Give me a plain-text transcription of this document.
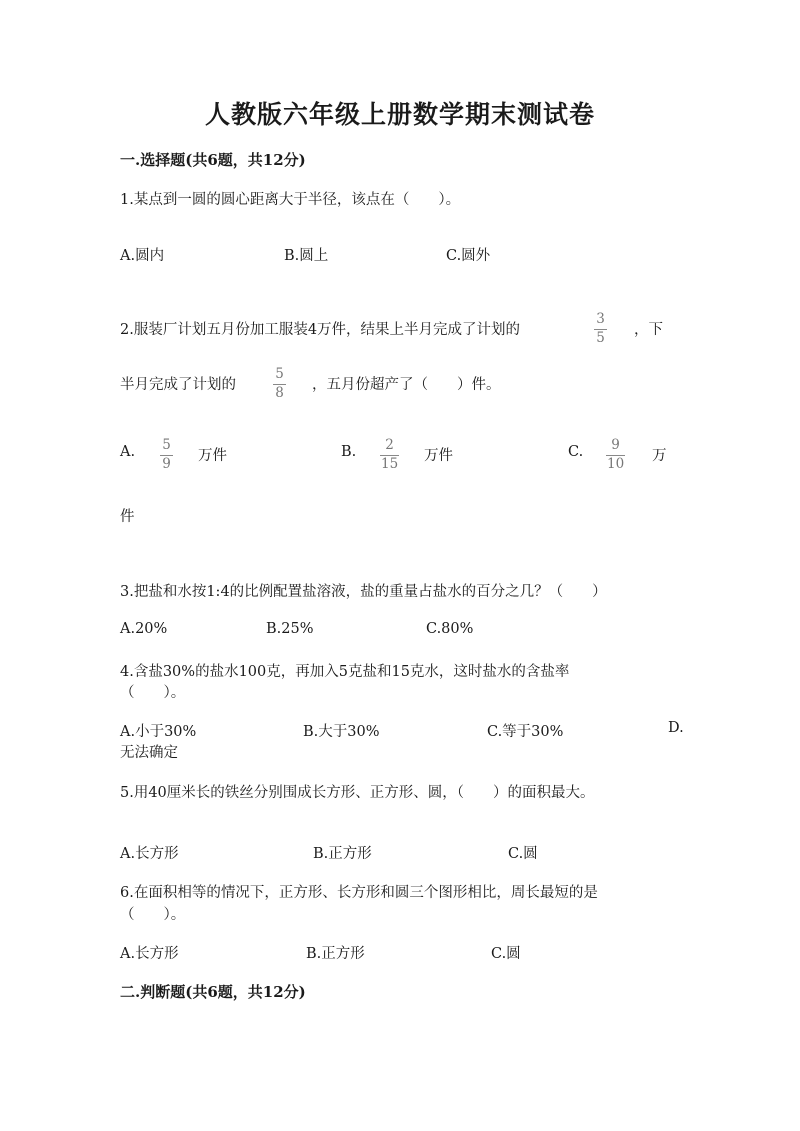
人教版六年级上册数学期末测试卷
一.选择题(共6题，共12分)
1.某点到一圆的圆心距离大于半径，该点在（　　）。
A.圆内	B.圆上	C.圆外
2.服装厂计划五月份加工服装4万件，结果上半月完成了计划的
3
5 ，下
半月完成了计划的
5
8 ，五月份超产了（　　）件。
A. 5
9 万件	B. 2
15 万件	C. 9
10 万
件
3.把盐和水按1:4的比例配置盐溶液，盐的重量占盐水的百分之几？（　　）
A.20%	B.25%	C.80%
4.含盐30%的盐水100克，再加入5克盐和15克水，这时盐水的含盐率
（　　）。
A.小于30%	B.大于30%	C.等于30%	D.
无法确定
5.用40厘米长的铁丝分别围成长方形、正方形、圆，（　　）的面积最大。
A.长方形	B.正方形	C.圆
6.在面积相等的情况下，正方形、长方形和圆三个图形相比，周长最短的是
（　　）。
A.长方形	B.正方形	C.圆
二.判断题(共6题，共12分)
